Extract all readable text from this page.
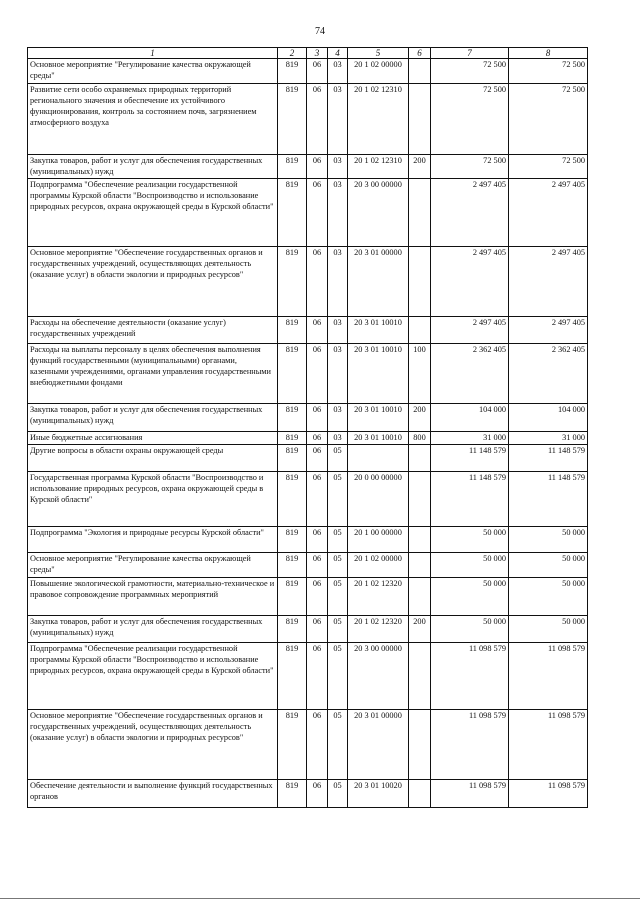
74
1	2	3	4	5	6	7	8
Основное мероприятие "Регулирование качества окружающей среды"	819	06	03	20 1 02 00000		72 500	72 500
Развитие сети особо охраняемых природных территорий регионального значения и обеспечение их устойчивого функционирования, контроль за состоянием почв, загрязнением атмосферного воздуха	819	06	03	20 1 02 12310		72 500	72 500
Закупка товаров, работ и услуг для обеспечения государственных (муниципальных) нужд	819	06	03	20 1 02 12310	200	72 500	72 500
Подпрограмма "Обеспечение реализации государственной программы Курской области "Воспроизводство и использование природных ресурсов, охрана окружающей среды в Курской области"	819	06	03	20 3 00 00000		2 497 405	2 497 405
Основное мероприятие "Обеспечение государственных органов и государственных учреждений, осуществляющих деятельность (оказание услуг) в области экологии и природных ресурсов"	819	06	03	20 3 01 00000		2 497 405	2 497 405
Расходы на обеспечение деятельности (оказание услуг) государственных учреждений	819	06	03	20 3 01 10010		2 497 405	2 497 405
Расходы на выплаты персоналу в целях обеспечения выполнения функций государственными (муниципальными) органами, казенными учреждениями, органами управления государственными внебюджетными фондами	819	06	03	20 3 01 10010	100	2 362 405	2 362 405
Закупка товаров, работ и услуг для обеспечения государственных (муниципальных) нужд	819	06	03	20 3 01 10010	200	104 000	104 000
Иные бюджетные ассигнования	819	06	03	20 3 01 10010	800	31 000	31 000
Другие вопросы в области охраны окружающей среды	819	06	05			11 148 579	11 148 579
Государственная программа Курской области "Воспроизводство и использование природных ресурсов, охрана окружающей среды в Курской области"	819	06	05	20 0 00 00000		11 148 579	11 148 579
Подпрограмма "Экология и природные ресурсы Курской области"	819	06	05	20 1 00 00000		50 000	50 000
Основное мероприятие "Регулирование качества окружающей среды"	819	06	05	20 1 02 00000		50 000	50 000
Повышение экологической грамотности, материально-техническое и правовое сопровождение программных мероприятий	819	06	05	20 1 02 12320		50 000	50 000
Закупка товаров, работ и услуг для обеспечения государственных (муниципальных) нужд	819	06	05	20 1 02 12320	200	50 000	50 000
Подпрограмма "Обеспечение реализации государственной программы Курской области "Воспроизводство и использование природных ресурсов, охрана окружающей среды в Курской области"	819	06	05	20 3 00 00000		11 098 579	11 098 579
Основное мероприятие "Обеспечение государственных органов и государственных учреждений, осуществляющих деятельность (оказание услуг) в области экологии и природных ресурсов"	819	06	05	20 3 01 00000		11 098 579	11 098 579
Обеспечение деятельности и выполнение функций государственных органов	819	06	05	20 3 01 10020		11 098 579	11 098 579
